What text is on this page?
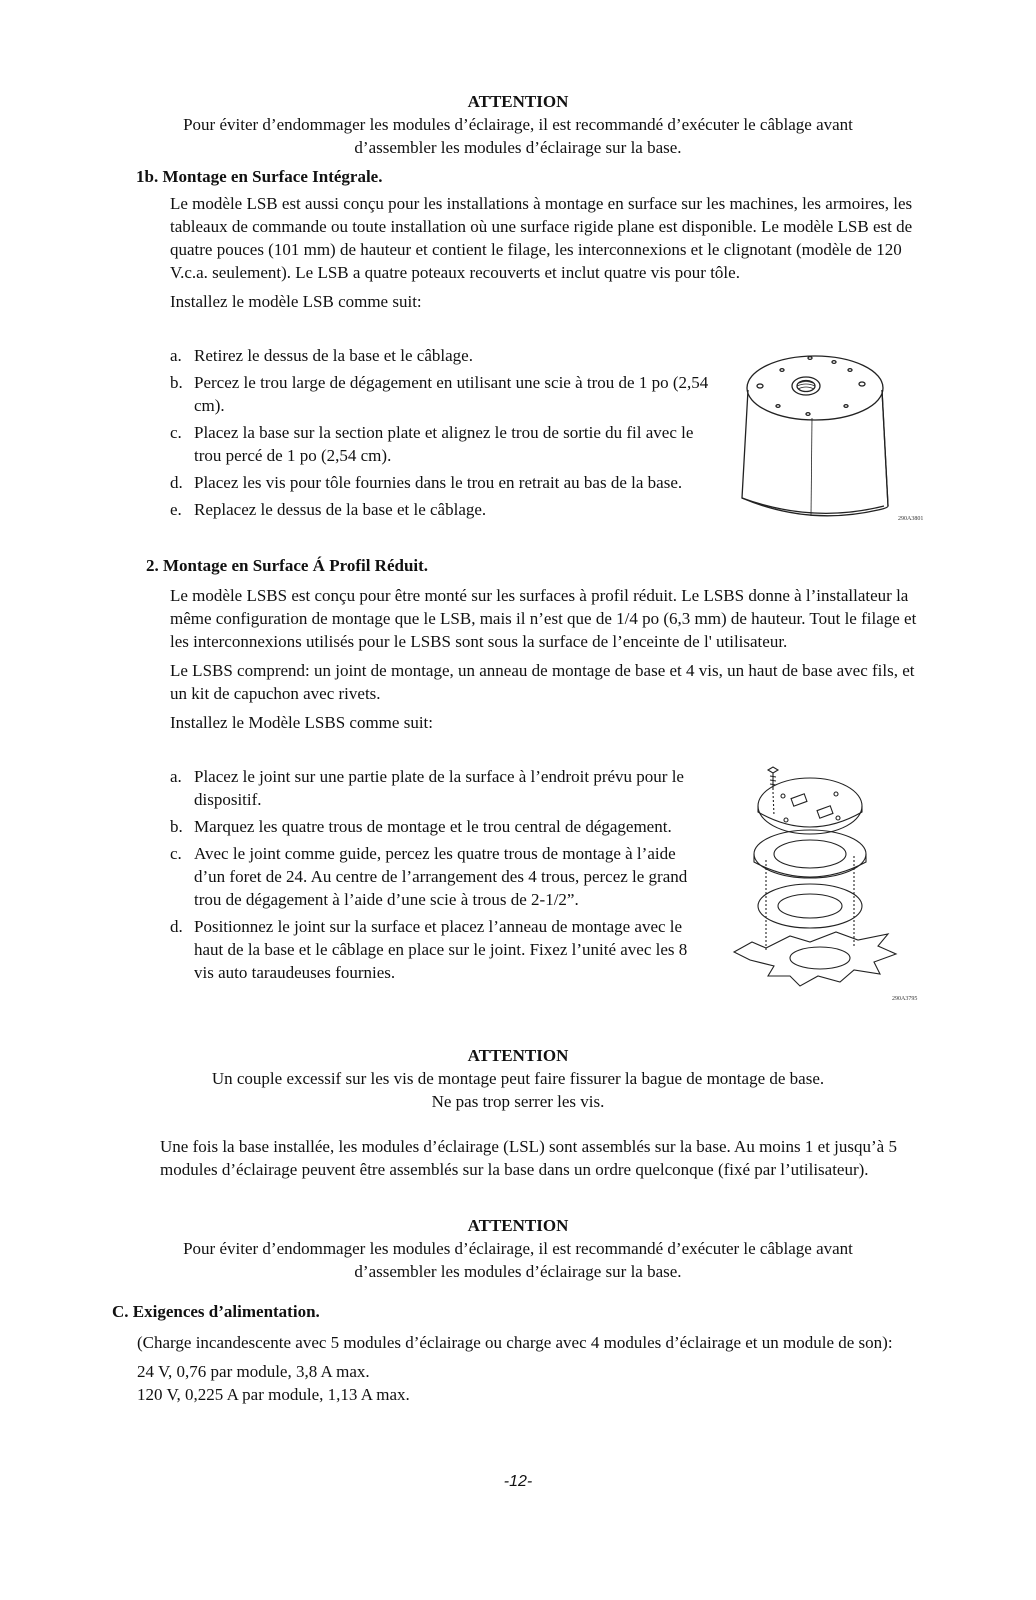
ATTENTION
Pour éviter d’endommager les modules d’éclairage, il est recommandé d’exécuter le câblage avant
d’assembler les modules d’éclairage sur la base.
1b. Montage en Surface Intégrale.

Le modèle LSB est aussi conçu pour les installations à montage en surface sur les machines, les armoires, les tableaux de commande ou toute installation où une surface rigide plane est disponible. Le modèle LSB est de quatre pouces (101 mm) de hauteur et contient le filage, les interconnexions et le clignotant (modèle de 120 V.c.a. seulement). Le LSB a quatre poteaux recouverts et inclut quatre vis pour tôle.

Installez le modèle LSB comme suit:

a. Retirez le dessus de la base et le câblage.
b. Percez le trou large de dégagement en utilisant une scie à trou de 1 po (2,54 cm).
c. Placez la base sur la section plate et alignez le trou de sortie du fil avec le trou percé de 1 po (2,54 cm).
d. Placez les vis pour tôle fournies dans le trou en retrait au bas de la base.
e. Replacez le dessus de la base et le câblage.	290A3801
2. Montage en Surface Á Profil Réduit.

Le modèle LSBS est conçu pour être monté sur les surfaces à profil réduit. Le LSBS donne à l’installateur la même configuration de montage que le LSB, mais il n’est que de 1/4 po (6,3 mm) de hauteur. Tout le filage et les interconnexions utilisés pour le LSBS sont sous la surface de l’enceinte de l' utilisateur.

Le LSBS comprend: un joint de montage, un anneau de montage de base et 4 vis, un haut de base avec fils, et un kit de capuchon avec rivets.

Installez le Modèle LSBS comme suit:

a. Placez le joint sur une partie plate de la surface à l’endroit prévu pour le dispositif.
b. Marquez les quatre trous de montage et le trou central de dégagement.
c. Avec le joint comme guide, percez les quatre trous de montage à l’aide d’un foret de 24. Au centre de l’arrangement des 4 trous, percez le grand trou de dégagement à l’aide d’une scie à trous de 2-1/2”.
d. Positionnez le joint sur la surface et placez l’anneau de montage avec le haut de la base et le câblage en place sur le joint. Fixez l’unité avec les 8 vis auto taraudeuses fournies.
290A3795
ATTENTION
Un couple excessif sur les vis de montage peut faire fissurer la bague de montage de base.
Ne pas trop serrer les vis.
Une fois la base installée, les modules d’éclairage (LSL) sont assemblés sur la base. Au moins 1 et jusqu’à 5 modules d’éclairage peuvent être assemblés sur la base dans un ordre quelconque (fixé par l’utilisateur).
ATTENTION
Pour éviter d’endommager les modules d’éclairage, il est recommandé d’exécuter le câblage avant
d’assembler les modules d’éclairage sur la base.
C. Exigences d’alimentation.

(Charge incandescente avec 5 modules d’éclairage ou charge avec 4 modules d’éclairage et un module de son):

24 V, 0,76 par module, 3,8 A max.

120 V, 0,225 A par module, 1,13 A max.

-12-
